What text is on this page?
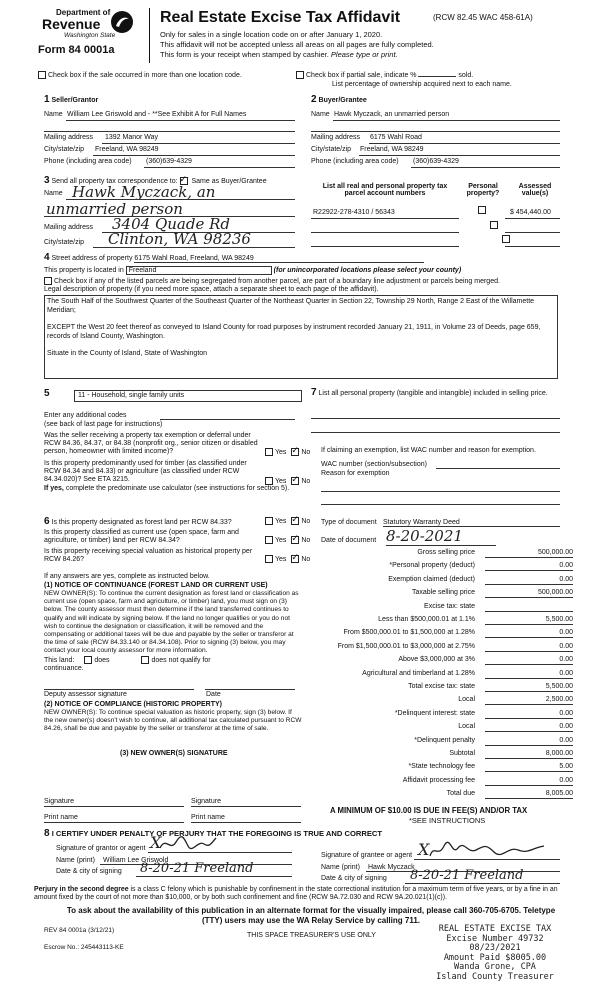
Department of
Revenue
Washington State
Form 84 0001a
Real Estate Excise Tax Affidavit	(RCW 82.45 WAC 458-61A)
Only for sales in a single location code on or after January 1, 2020.
This affidavit will not be accepted unless all areas on all pages are fully completed.
This form is your receipt when stamped by cashier. Please type or print.
Check box if the sale occurred in more than one location code.	Check box if partial sale, indicate %	sold.
List percentage of ownership acquired next to each name.
1 Seller/Grantor	2 Buyer/Grantee
Name William Lee Griswold and - **See Exhibit A for Full Names
Mailing address 1392 Manor Way
City/state/zip Freeland, WA 98249
Phone (including area code) (360)639-4329
Name Hawk Myczack, an unmarried person
Mailing address 6175 Wahl Road
City/state/zip Freeland, WA 98249
Phone (including area code) (360)639-4329
3 Send all property tax correspondence to: ✓ Same as Buyer/Grantee
Name Hawk Myczack, an
unmarried person
Mailing address 3404 Quade Rd
City/state/zip Clinton, WA 98236
List all real and personal property tax parcel account numbers
Personal property?
Assessed value(s)
R22922-278-4310 / 56343
	$ 454,440.00

4 Street address of property 6175 Wahl Road, Freeland, WA 98249
This property is located in Freeland	(for unincorporated locations please select your county)
Check box if any of the listed parcels are being segregated from another parcel, are part of a boundary line adjustment or parcels being merged.
Legal description of property (if you need more space, attach a separate sheet to each page of the affidavit).
The South Half of the Southwest Quarter of the Southeast Quarter of the Northeast Quarter in Section 22, Township 29 North, Range 2 East of the Willamette Meridian;
EXCEPT the West 20 feet thereof as conveyed to Island County for road purposes by instrument recorded January 21, 1911, in Volume 23 of Deeds, page 659, records of Island County, Washington.
Situate in the County of Island, State of Washington
5	11 - Household, single family units
Enter any additional codes
(see back of last page for instructions)
Was the seller receiving a property tax exemption or deferral under RCW 84.36, 84.37, or 84.38 (nonprofit org., senior citizen or disabled person, homeowner with limited income)?	Yes ✓ No
Is this property predominantly used for timber (as classified under RCW 84.34 and 84.33) or agriculture (as classified under RCW 84.34.020)? See ETA 3215.	Yes ✓ No
If yes, complete the predominate use calculator (see instructions for section 5).
6 Is this property designated as forest land per RCW 84.33?	Yes ✓ No
Is this property classified as current use (open space, farm and agriculture, or timber) land per RCW 84.34?	Yes ✓ No
Is this property receiving special valuation as historical property per RCW 84.26?	Yes ✓ No
If any answers are yes, complete as instructed below.
(1) NOTICE OF CONTINUANCE (FOREST LAND OR CURRENT USE)
NEW OWNER(S): To continue the current designation as forest land or classification as current use (open space, farm and agriculture, or timber) land, you must sign on (3) below. The county assessor must then determine if the land transferred continues to qualify and will indicate by signing below. If the land no longer qualifies or you do not wish to continue the designation or classification, it will be removed and the compensating or additional taxes will be due and payable by the seller or transferor at the time of sale (RCW 84.33.140 or 84.34.108). Prior to signing (3) below, you may contact your local county assessor for more information.
This land:	does	does not qualify for
continuance.
Deputy assessor signature	Date
(2) NOTICE OF COMPLIANCE (HISTORIC PROPERTY)
NEW OWNER(S): To continue special valuation as historic property, sign (3) below. If the new owner(s) doesn't wish to continue, all additional tax calculated pursuant to RCW 84.26, shall be due and payable by the seller or transferor at the time of sale.
(3) NEW OWNER(S) SIGNATURE
Signature	Signature
Print name	Print name
7 List all personal property (tangible and intangible) included in selling price.
If claiming an exemption, list WAC number and reason for exemption.
WAC number (section/subsection)
Reason for exemption
Type of document Statutory Warranty Deed
Date of document 8-20-2021
Gross selling price	500,000.00
*Personal property (deduct)	0.00
Exemption claimed (deduct)	0.00
Taxable selling price	500,000.00
Excise tax: state
Less than $500,000.01 at 1.1%	5,500.00
From $500,000.01 to $1,500,000 at 1.28%	0.00
From $1,500,000.01 to $3,000,000 at 2.75%	0.00
Above $3,000,000 at 3%	0.00
Agricultural and timberland at 1.28%	0.00
Total excise tax: state	5,500.00
Local	2,500.00
*Delinquent interest: state	0.00
Local	0.00
*Delinquent penalty	0.00
Subtotal	8,000.00
*State technology fee	5.00
Affidavit processing fee	0.00
Total due	8,005.00
A MINIMUM OF $10.00 IS DUE IN FEE(S) AND/OR TAX
*SEE INSTRUCTIONS
8 I CERTIFY UNDER PENALTY OF PERJURY THAT THE FOREGOING IS TRUE AND CORRECT
Signature of grantor or agent X
Name (print) William Lee Griswold
Date & city of signing 8-20-21 Freeland
Signature of grantee or agent X
Name (print) Hawk Myczack
Date & city of signing 8-20-21 Freeland
Perjury in the second degree is a class C felony which is punishable by confinement in the state correctional institution for a maximum term of five years, or by a fine in an amount fixed by the court of not more than $10,000, or by both such confinement and fine (RCW 9A.72.030 and RCW 9A.20.021(1)(c)).
To ask about the availability of this publication in an alternate format for the visually impaired, please call 360-705-6705. Teletype (TTY) users may use the WA Relay Service by calling 711.
REV 84 0001a (3/12/21)
THIS SPACE TREASURER'S USE ONLY
Escrow No.: 245443113-KE
REAL ESTATE EXCISE TAX
Excise Number 49732
08/23/2021
Amount Paid $8005.00
Wanda Grone, CPA
Island County Treasurer
